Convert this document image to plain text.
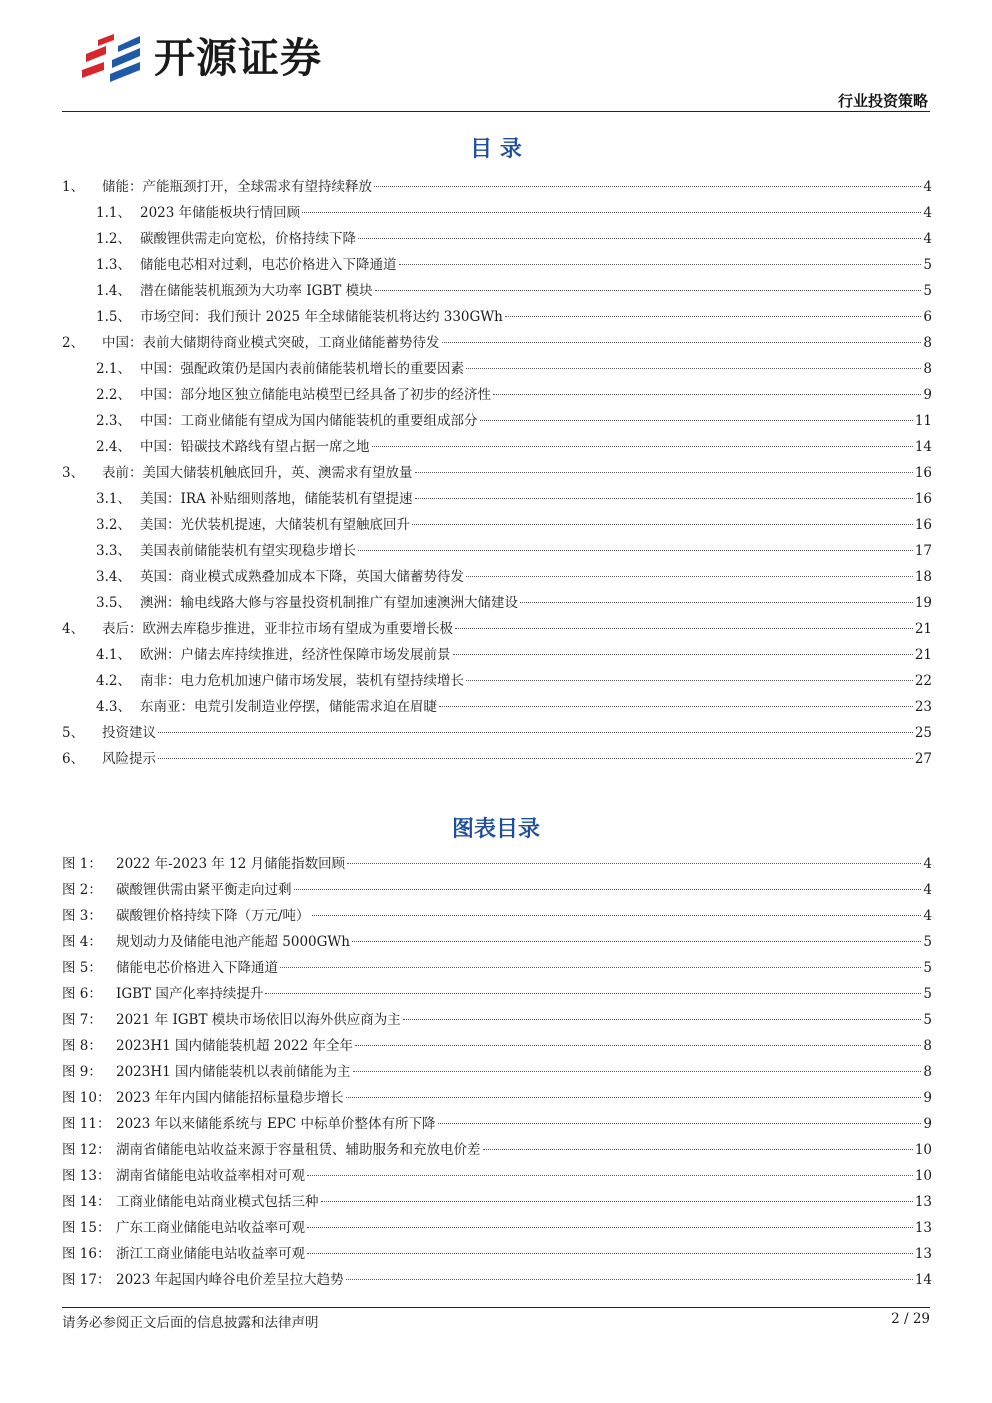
开源证券
行业投资策略
目 录
1、	储能：产能瓶颈打开，全球需求有望持续释放	4
1.1、 2023 年储能板块行情回顾	4
1.2、 碳酸锂供需走向宽松，价格持续下降	4
1.3、 储能电芯相对过剩，电芯价格进入下降通道	5
1.4、 潜在储能装机瓶颈为大功率 IGBT 模块	5
1.5、 市场空间：我们预计 2025 年全球储能装机将达约 330GWh	6
2、	中国：表前大储期待商业模式突破，工商业储能蓄势待发	8
2.1、 中国：强配政策仍是国内表前储能装机增长的重要因素	8
2.2、 中国：部分地区独立储能电站模型已经具备了初步的经济性	9
2.3、 中国：工商业储能有望成为国内储能装机的重要组成部分	11
2.4、 中国：铅碳技术路线有望占据一席之地	14
3、	表前：美国大储装机触底回升，英、澳需求有望放量	16
3.1、 美国：IRA 补贴细则落地，储能装机有望提速	16
3.2、 美国：光伏装机提速，大储装机有望触底回升	16
3.3、 美国表前储能装机有望实现稳步增长	17
3.4、 英国：商业模式成熟叠加成本下降，英国大储蓄势待发	18
3.5、 澳洲：输电线路大修与容量投资机制推广有望加速澳洲大储建设	19
4、	表后：欧洲去库稳步推进，亚非拉市场有望成为重要增长极	21
4.1、 欧洲：户储去库持续推进，经济性保障市场发展前景	21
4.2、 南非：电力危机加速户储市场发展，装机有望持续增长	22
4.3、 东南亚：电荒引发制造业停摆，储能需求迫在眉睫	23
5、	投资建议	25
6、	风险提示	27
图表目录
图 1：	2022 年-2023 年 12 月储能指数回顾	4
图 2：	碳酸锂供需由紧平衡走向过剩	4
图 3：	碳酸锂价格持续下降（万元/吨）	4
图 4：	规划动力及储能电池产能超 5000GWh	5
图 5：	储能电芯价格进入下降通道	5
图 6：	IGBT 国产化率持续提升	5
图 7：	2021 年 IGBT 模块市场依旧以海外供应商为主	5
图 8：	2023H1 国内储能装机超 2022 年全年	8
图 9：	2023H1 国内储能装机以表前储能为主	8
图 10： 2023 年年内国内储能招标量稳步增长	9
图 11： 2023 年以来储能系统与 EPC 中标单价整体有所下降	9
图 12： 湖南省储能电站收益来源于容量租赁、辅助服务和充放电价差	10
图 13： 湖南省储能电站收益率相对可观	10
图 14： 工商业储能电站商业模式包括三种	13
图 15： 广东工商业储能电站收益率可观	13
图 16： 浙江工商业储能电站收益率可观	13
图 17： 2023 年起国内峰谷电价差呈拉大趋势	14
请务必参阅正文后面的信息披露和法律声明	2 / 29
